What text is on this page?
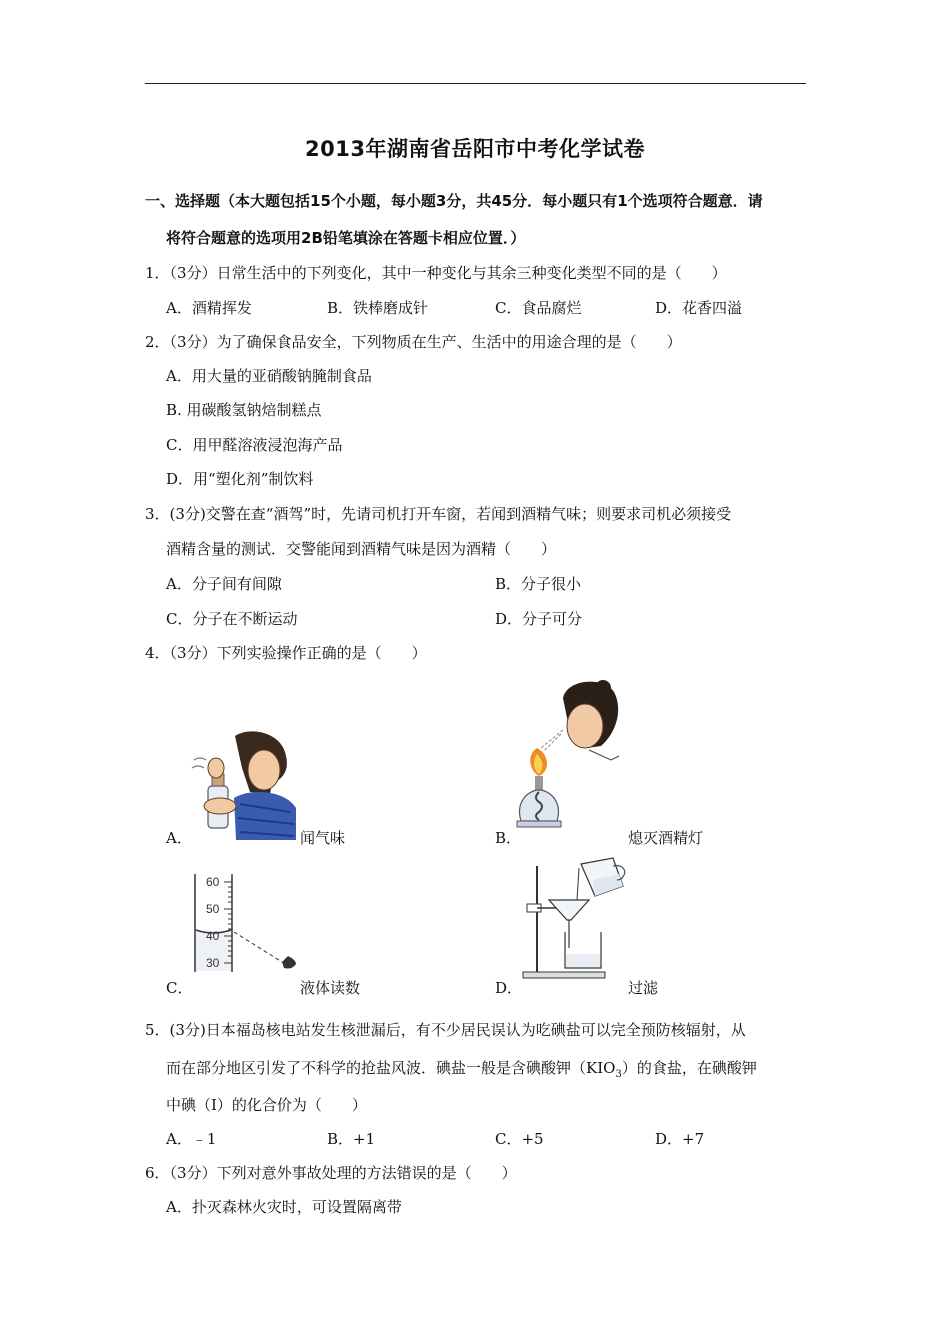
2013年湖南省岳阳市中考化学试卷
一、选择题（本大题包括15个小题，每小题3分，共45分．每小题只有1个选项符合题意．请
将符合题意的选项用2B铅笔填涂在答题卡相应位置．）
1．（3分）日常生活中的下列变化，其中一种变化与其余三种变化类型不同的是（　　）
A．酒精挥发	B．铁棒磨成针	C．食品腐烂	D．花香四溢
2．（3分）为了确保食品安全，下列物质在生产、生活中的用途合理的是（　　）
A．用大量的亚硝酸钠腌制食品
B. 用碳酸氢钠焙制糕点
C．用甲醛溶液浸泡海产品
D．用“塑化剂”制饮料
3．(3分)交警在查“酒驾”时，先请司机打开车窗，若闻到酒精气味；则要求司机必须接受
酒精含量的测试．交警能闻到酒精气味是因为酒精（　　）
A．分子间有间隙	B．分子很小
C．分子在不断运动	D．分子可分
4．（3分）下列实验操作正确的是（　　）
A．	闻气味	B．	熄灭酒精灯
60
50
40
30
C．	液体读数	D．	过滤
5．(3分)日本福岛核电站发生核泄漏后，有不少居民误认为吃碘盐可以完全预防核辐射，从
而在部分地区引发了不科学的抢盐风波．碘盐一般是含碘酸钾$(KIO_3)$的食盐，在碘酸钾
中碘（I）的化合价为（　　）
A．﹣1	B．+1	C．+5	D．+7
6．（3分）下列对意外事故处理的方法错误的是（　　）
A．扑灭森林火灾时，可设置隔离带
